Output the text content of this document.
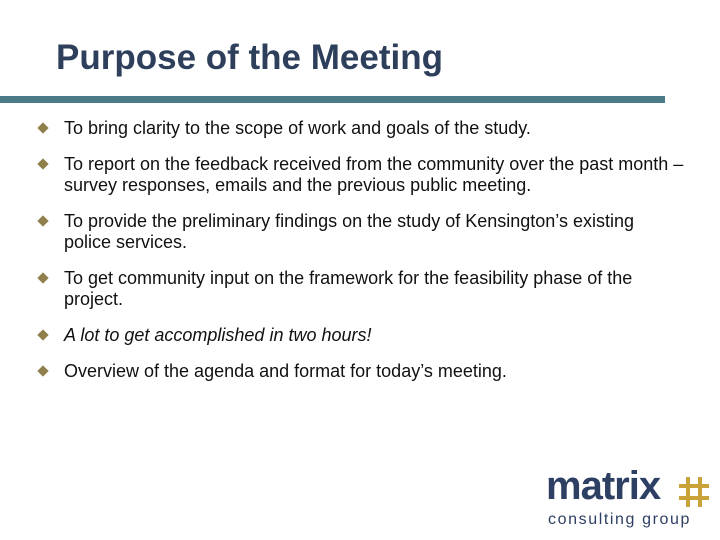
Purpose of the Meeting
To bring clarity to the scope of work and goals of the study.
To report on the feedback received from the community over the past month – survey responses, emails and the previous public meeting.
To provide the preliminary findings on the study of Kensington’s existing police services.
To get community input on the framework for the feasibility phase of the project.
A lot to get accomplished in two hours!
Overview of the agenda and format for today’s meeting.
matrix
consulting group
